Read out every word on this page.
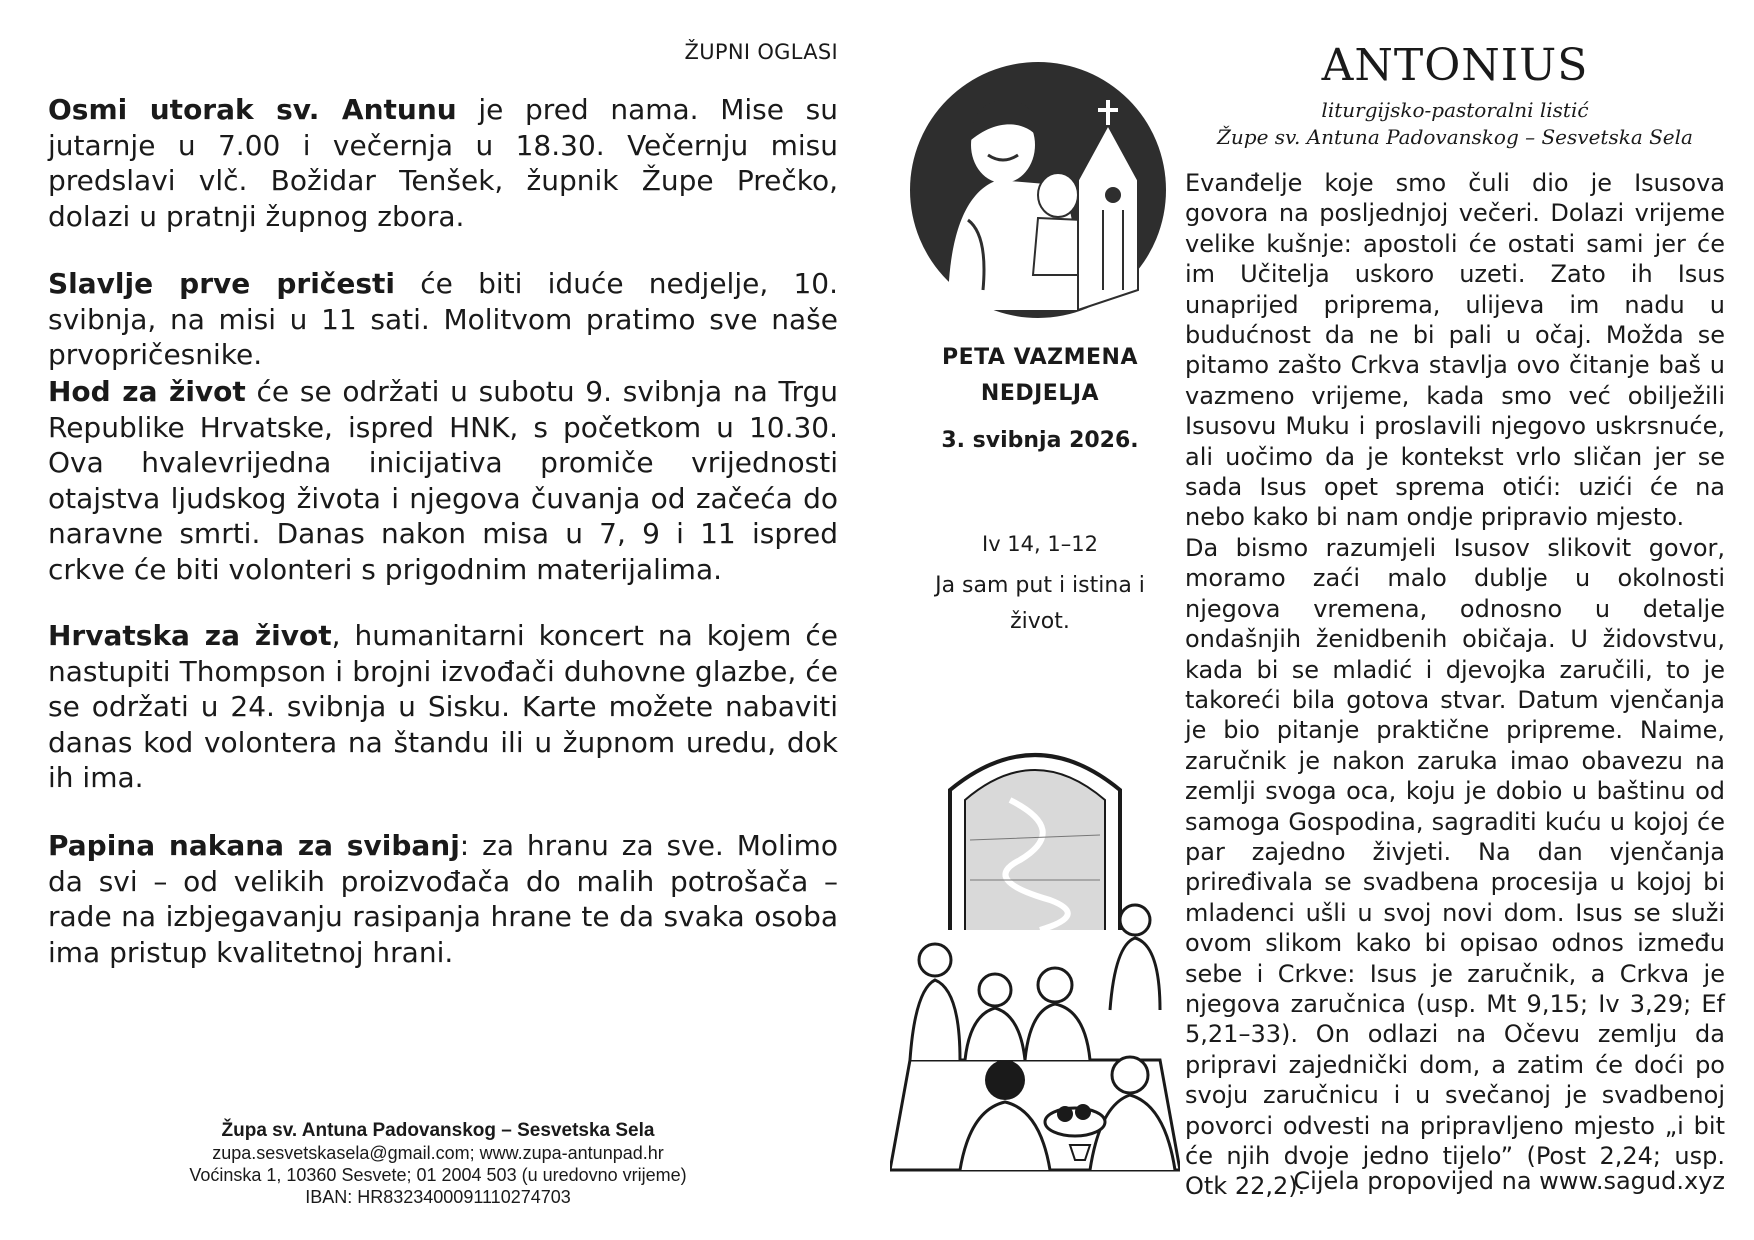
ŽUPNI OGLASI
Osmi utorak sv. Antunu je pred nama. Mise su jutarnje u 7.00 i večernja u 18.30. Večernju misu predslavi vlč. Božidar Tenšek, župnik Župe Prečko, dolazi u pratnji župnog zbora.
Slavlje prve pričesti će biti iduće nedjelje, 10. svibnja, na misi u 11 sati. Molitvom pratimo sve naše prvopričesnike.
Hod za život će se održati u subotu 9. svibnja na Trgu Republike Hrvatske, ispred HNK, s početkom u 10.30. Ova hvalevrijedna inicijativa promiče vrijednosti otajstva ljudskog života i njegova čuvanja od začeća do naravne smrti. Danas nakon misa u 7, 9 i 11 ispred crkve će biti volonteri s prigodnim materijalima.
Hrvatska za život, humanitarni koncert na kojem će nastupiti Thompson i brojni izvođači duhovne glazbe, će se održati u 24. svibnja u Sisku. Karte možete nabaviti danas kod volontera na štandu ili u župnom uredu, dok ih ima.
Papina nakana za svibanj: za hranu za sve. Molimo da svi – od velikih proizvođača do malih potrošača – rade na izbjegavanju rasipanja hrane te da svaka osoba ima pristup kvalitetnoj hrani.
Župa sv. Antuna Padovanskog – Sesvetska Sela
zupa.sesvetskasela@gmail.com; www.zupa-antunpad.hr
Voćinska 1, 10360 Sesvete; 01 2004 503 (u uredovno vrijeme)
IBAN: HR8323400091110274703
PETA VAZMENA
NEDJELJA
3. svibnja 2026.
Iv 14, 1–12
Ja sam put i istina i život.
ANTONIUS
liturgijsko-pastoralni listić
Župe sv. Antuna Padovanskog – Sesvetska Sela

Evanđelje koje smo čuli dio je Isusova govora na posljednjoj večeri. Dolazi vrijeme velike kušnje: apostoli će ostati sami jer će im Učitelja uskoro uzeti. Zato ih Isus unaprijed priprema, ulijeva im nadu u budućnost da ne bi pali u očaj. Možda se pitamo zašto Crkva stavlja ovo čitanje baš u vazmeno vrijeme, kada smo već obilježili Isusovu Muku i proslavili njegovo uskrsnuće, ali uočimo da je kontekst vrlo sličan jer se sada Isus opet sprema otići: uzići će na nebo kako bi nam ondje pripravio mjesto.

Da bismo razumjeli Isusov slikovit govor, moramo zaći malo dublje u okolnosti njegova vremena, odnosno u detalje ondašnjih ženidbenih običaja. U židovstvu, kada bi se mladić i djevojka zaručili, to je takoreći bila gotova stvar. Datum vjenčanja je bio pitanje praktične pripreme. Naime, zaručnik je nakon zaruka imao obavezu na zemlji svoga oca, koju je dobio u baštinu od samoga Gospodina, sagraditi kuću u kojoj će par zajedno živjeti. Na dan vjenčanja priređivala se svadbena procesija u kojoj bi mladenci ušli u svoj novi dom. Isus se služi ovom slikom kako bi opisao odnos između sebe i Crkve: Isus je zaručnik, a Crkva je njegova zaručnica (usp. Mt 9,15; Iv 3,29; Ef 5,21–33). On odlazi na Očevu zemlju da pripravi zajednički dom, a zatim će doći po svoju zaručnicu i u svečanoj je svadbenoj povorci odvesti na pripravljeno mjesto „i bit će njih dvoje jedno tijelo” (Post 2,24; usp. Otk 22,2).

Cijela propovijed na www.sagud.xyz
